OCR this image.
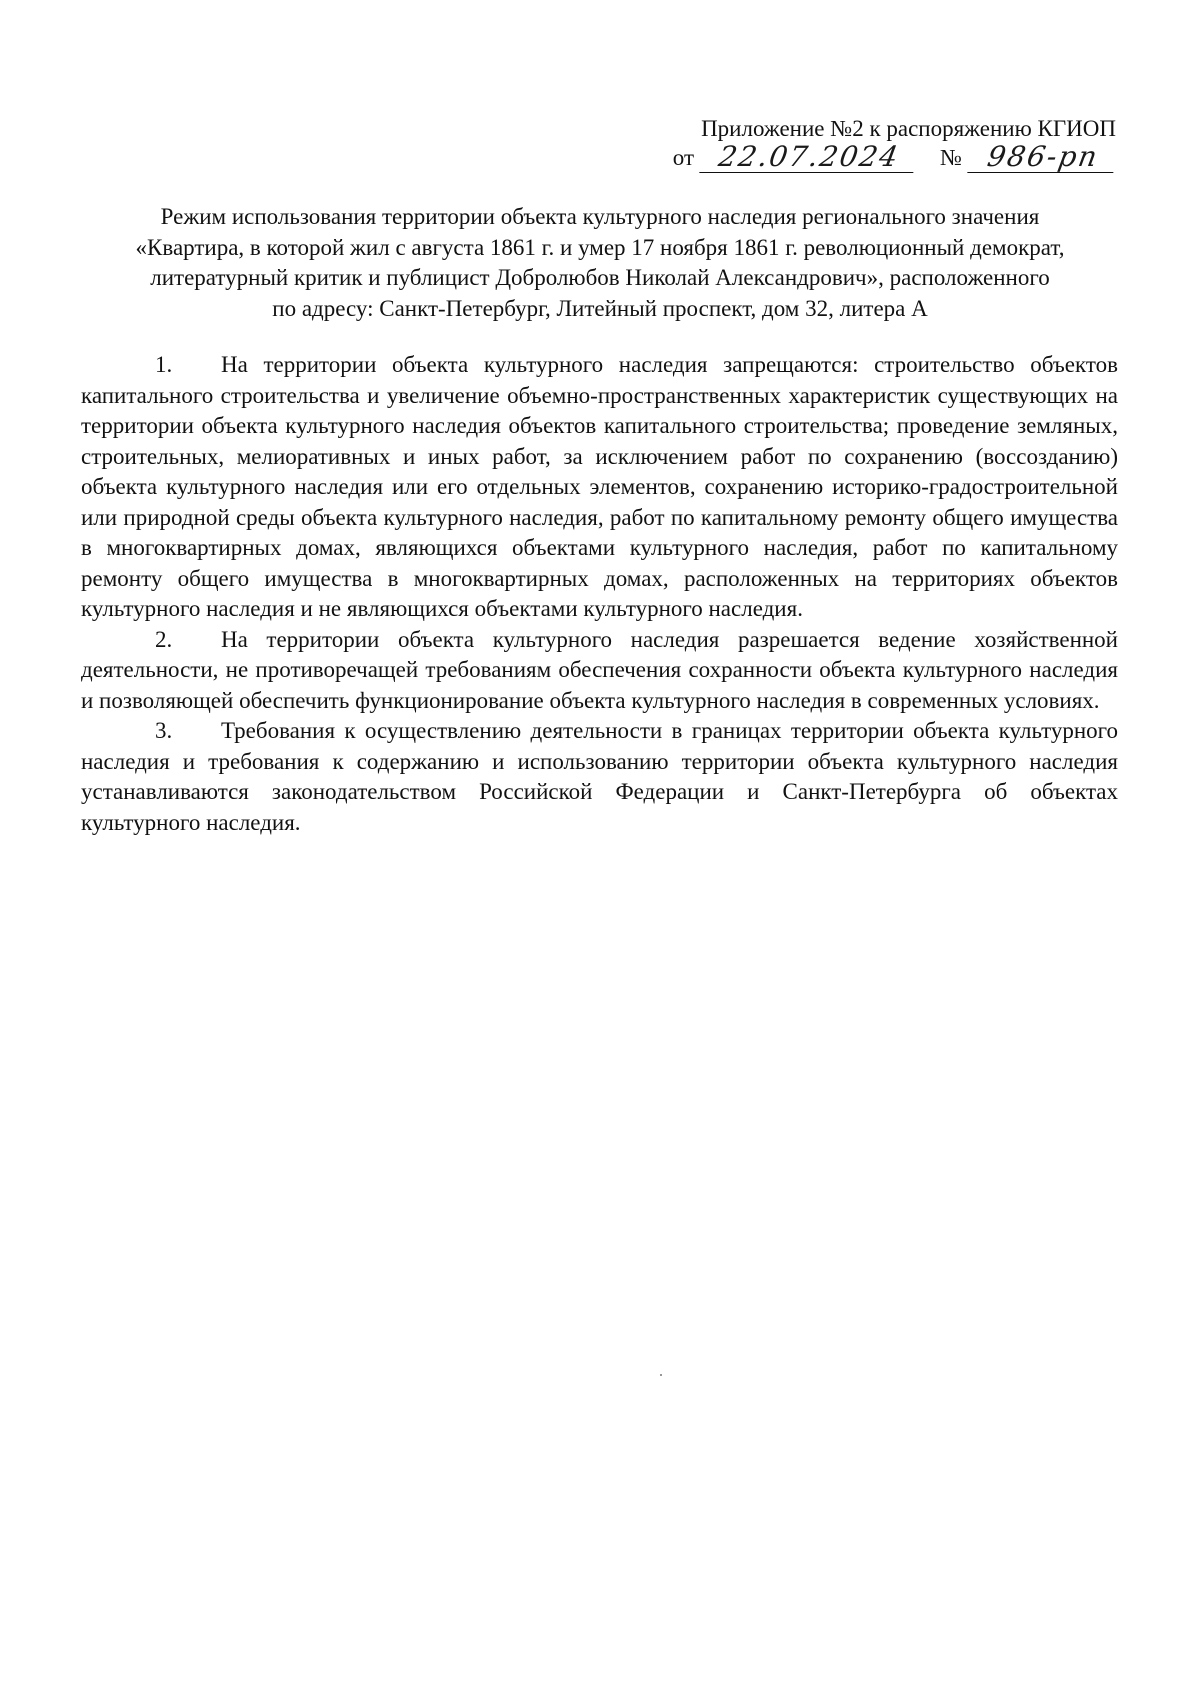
Приложение №2 к распоряжению КГИОП
от 22.07.2024	№ 986-рп
Режим использования территории объекта культурного наследия регионального значения
«Квартира, в которой жил с августа 1861 г. и умер 17 ноября 1861 г. революционный демократ,
литературный критик и публицист Добролюбов Николай Александрович», расположенного
по адресу: Санкт-Петербург, Литейный проспект, дом 32, литера А

1. На территории объекта культурного наследия запрещаются: строительство объектов капитального строительства и увеличение объемно-пространственных характеристик существующих на территории объекта культурного наследия объектов капитального строительства; проведение земляных, строительных, мелиоративных и иных работ, за исключением работ по сохранению (воссозданию) объекта культурного наследия или его отдельных элементов, сохранению историко-градостроительной или природной среды объекта культурного наследия, работ по капитальному ремонту общего имущества в многоквартирных домах, являющихся объектами культурного наследия, работ по капитальному ремонту общего имущества в многоквартирных домах, расположенных на территориях объектов культурного наследия и не являющихся объектами культурного наследия.

2. На территории объекта культурного наследия разрешается ведение хозяйственной деятельности, не противоречащей требованиям обеспечения сохранности объекта культурного наследия и позволяющей обеспечить функционирование объекта культурного наследия в современных условиях.

3. Требования к осуществлению деятельности в границах территории объекта культурного наследия и требования к содержанию и использованию территории объекта культурного наследия устанавливаются законодательством Российской Федерации и Санкт-Петербурга об объектах культурного наследия.
